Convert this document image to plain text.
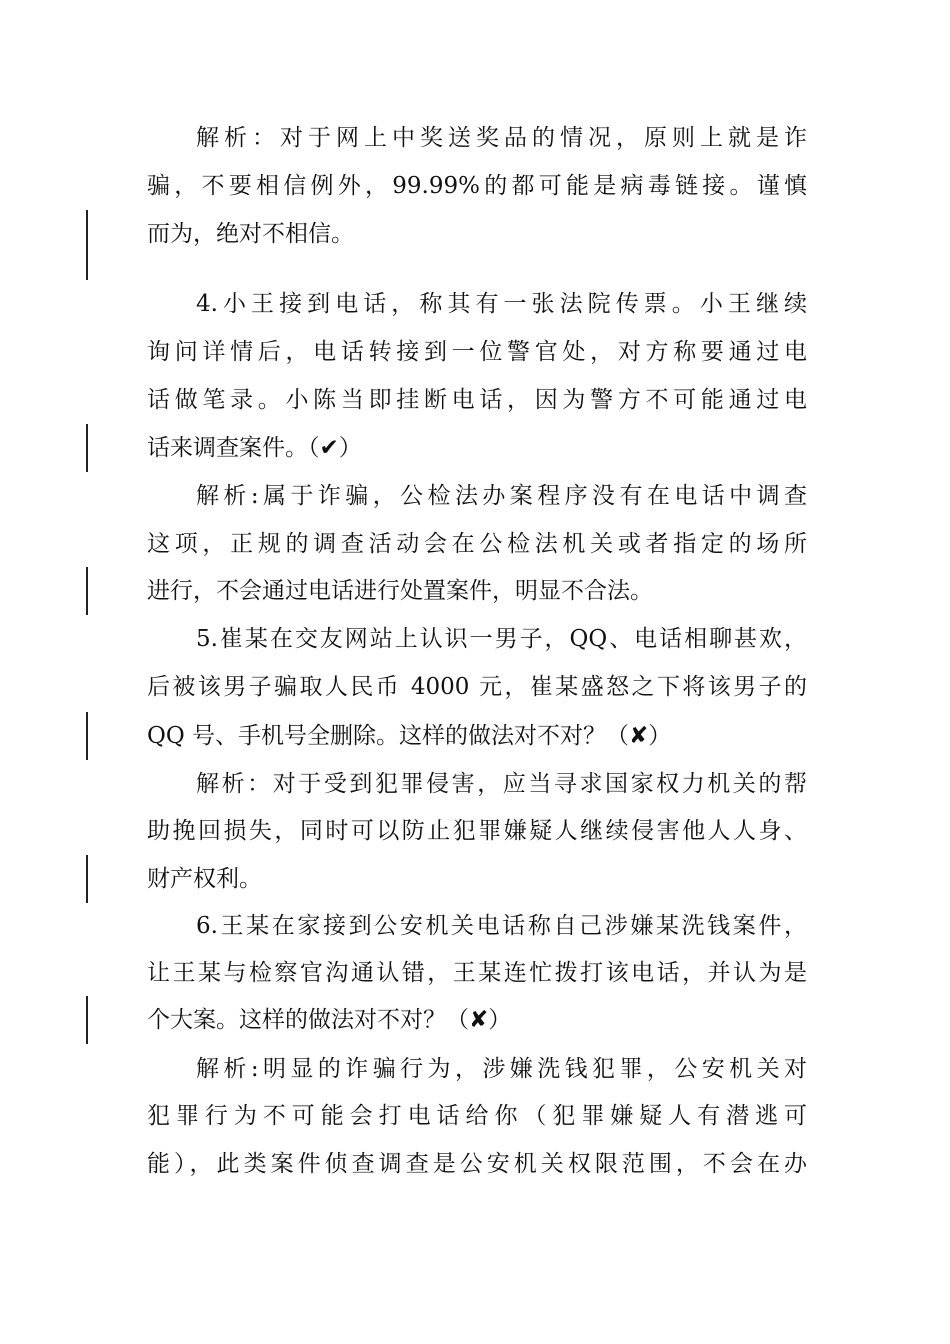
解析：对于网上中奖送奖品的情况，原则上就是诈
骗，不要相信例外，99.99%的都可能是病毒链接。谨慎
而为，绝对不相信。
4.小王接到电话，称其有一张法院传票。小王继续
询问详情后，电话转接到一位警官处，对方称要通过电
话做笔录。小陈当即挂断电话，因为警方不可能通过电
话来调查案件。（✔）
解析:属于诈骗，公检法办案程序没有在电话中调查
这项，正规的调查活动会在公检法机关或者指定的场所
进行，不会通过电话进行处置案件，明显不合法。
5.崔某在交友网站上认识一男子，QQ、电话相聊甚欢，
后被该男子骗取人民币 4000 元，崔某盛怒之下将该男子的
QQ 号、手机号全删除。这样的做法对不对？（✘）
解析：对于受到犯罪侵害，应当寻求国家权力机关的帮
助挽回损失，同时可以防止犯罪嫌疑人继续侵害他人人身、
财产权利。
6.王某在家接到公安机关电话称自己涉嫌某洗钱案件，
让王某与检察官沟通认错，王某连忙拨打该电话，并认为是
个大案。这样的做法对不对？（✘）
解析:明显的诈骗行为，涉嫌洗钱犯罪，公安机关对
犯罪行为不可能会打电话给你（犯罪嫌疑人有潜逃可
能），此类案件侦查调查是公安机关权限范围，不会在办
